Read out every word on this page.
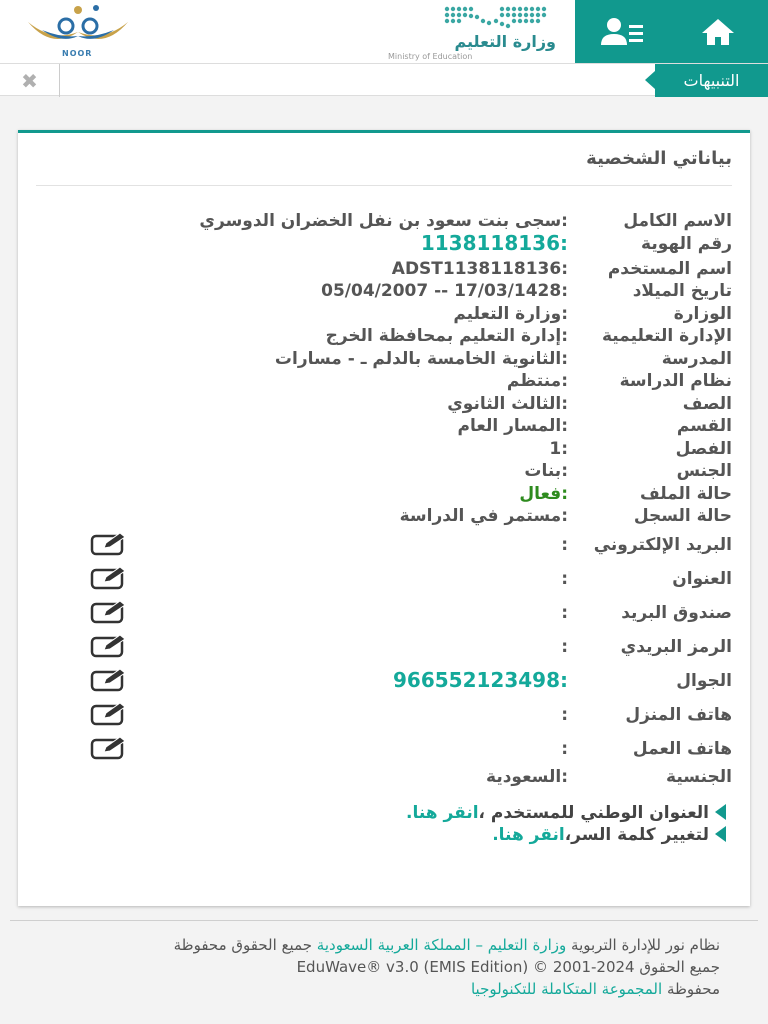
وزارة التعليم
Ministry of Education
NOOR
التنبيهات
✖
بياناتي الشخصية
الاسم الكامل
:سجى بنت سعود بن نفل الخضران الدوسري
رقم الهوية
:1138118136
اسم المستخدم
:ADST1138118136
تاريخ الميلاد
:17/03/1428 -- 05/04/2007
الوزارة
:وزارة التعليم
الإدارة التعليمية
:إدارة التعليم بمحافظة الخرج
المدرسة
:الثانوية الخامسة بالدلم ـ - مسارات
نظام الدراسة
:منتظم
الصف
:الثالث الثانوي
القسم
:المسار العام
الفصل
:1
الجنس
:بنات
حالة الملف
:فعال
حالة السجل
:مستمر في الدراسة
البريد الإلكتروني
:
العنوان
:
صندوق البريد
:
الرمز البريدي
:
الجوال
:966552123498
هاتف المنزل
:
هاتف العمل
:
الجنسية
:السعودية
العنوان الوطني للمستخدم ،انقر هنا.
لتغيير كلمة السر،انقر هنا.
نظام نور للإدارة التربوية وزارة التعليم – المملكة العربية السعودية جميع الحقوق محفوظة
جميع الحقوق 2024-2001 © EduWave® v3.0 (EMIS Edition)
محفوظة المجموعة المتكاملة للتكنولوجيا
